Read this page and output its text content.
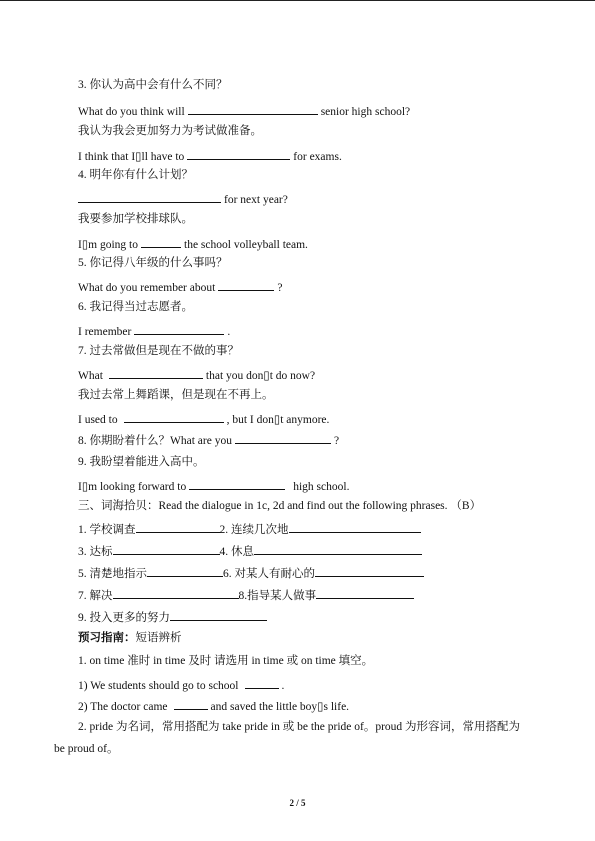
3. 你认为高中会有什么不同？
What do you think will	senior high school?
我认为我会更加努力为考试做准备。
I think that I▯ll have to	for exams.
4. 明年你有什么计划？
for next year?
我要参加学校排球队。
I▯m going to	the school volleyball team.
5. 你记得八年级的什么事吗？
What do you remember about	?
6. 我记得当过志愿者。
I remember	.
7. 过去常做但是现在不做的事？
What	that you don▯t do now?
我过去常上舞蹈课，但是现在不再上。
I used to	, but I don▯t anymore.
8. 你期盼着什么？What are you	?
9. 我盼望着能进入高中。
I▯m looking forward to	high school.
三、词海拾贝：Read the dialogue in 1c, 2d and find out the following phrases. （B）
1. 学校调查	2. 连续几次地
3. 达标	4. 休息
5. 清楚地指示	6. 对某人有耐心的
7. 解决	8.指导某人做事
9. 投入更多的努力
预习指南：短语辨析
1. on time 准时 in time 及时 请选用 in time 或 on time 填空。
1) We students should go to school	.
2) The doctor came	and saved the little boy▯s life.
2. pride 为名词，常用搭配为 take pride in 或 be the pride of。proud 为形容词，常用搭配为
be proud of。
2 / 5
